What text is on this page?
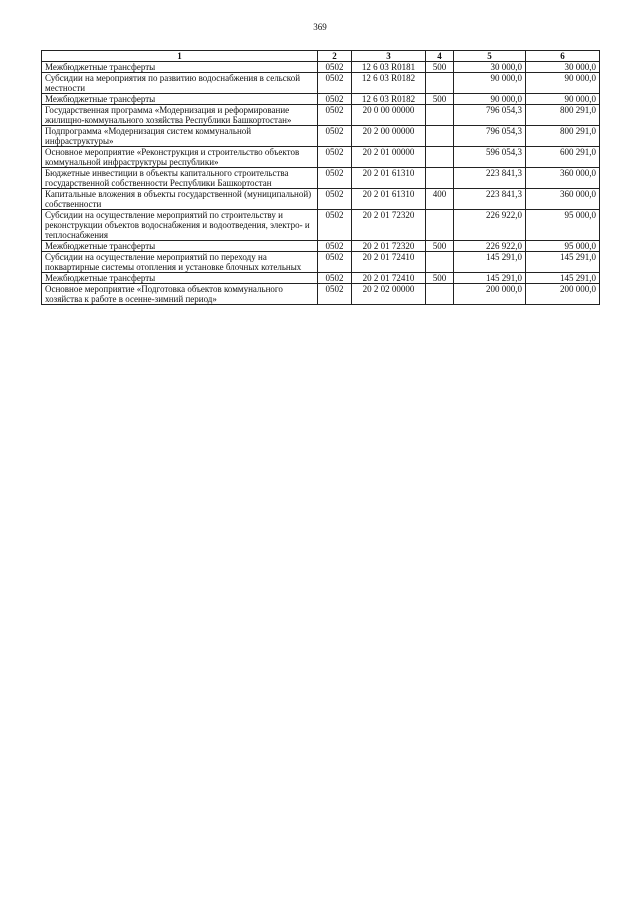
369
1	2	3	4	5	6
Межбюджетные трансферты	0502	12 6 03 R0181	500	30 000,0	30 000,0
Субсидии на мероприятия по развитию водоснабжения в сельской местности	0502	12 6 03 R0182		90 000,0	90 000,0
Межбюджетные трансферты	0502	12 6 03 R0182	500	90 000,0	90 000,0
Государственная программа «Модернизация и реформирование жилищно-коммунального хозяйства Республики Башкортостан»	0502	20 0 00 00000		796 054,3	800 291,0
Подпрограмма «Модернизация систем коммунальной инфраструктуры»	0502	20 2 00 00000		796 054,3	800 291,0
Основное мероприятие «Реконструкция и строительство объектов коммунальной инфраструктуры республики»	0502	20 2 01 00000		596 054,3	600 291,0
Бюджетные инвестиции в объекты капитального строительства государственной собственности Республики Башкортостан	0502	20 2 01 61310		223 841,3	360 000,0
Капитальные вложения в объекты государственной (муниципальной) собственности	0502	20 2 01 61310	400	223 841,3	360 000,0
Субсидии на осуществление мероприятий по строительству и реконструкции объектов водоснабжения и водоотведения, электро- и теплоснабжения	0502	20 2 01 72320		226 922,0	95 000,0
Межбюджетные трансферты	0502	20 2 01 72320	500	226 922,0	95 000,0
Субсидии на осуществление мероприятий по переходу на поквартирные системы отопления и установке блочных котельных	0502	20 2 01 72410		145 291,0	145 291,0
Межбюджетные трансферты	0502	20 2 01 72410	500	145 291,0	145 291,0
Основное мероприятие «Подготовка объектов коммунального хозяйства к работе в осенне-зимний период»	0502	20 2 02 00000		200 000,0	200 000,0
